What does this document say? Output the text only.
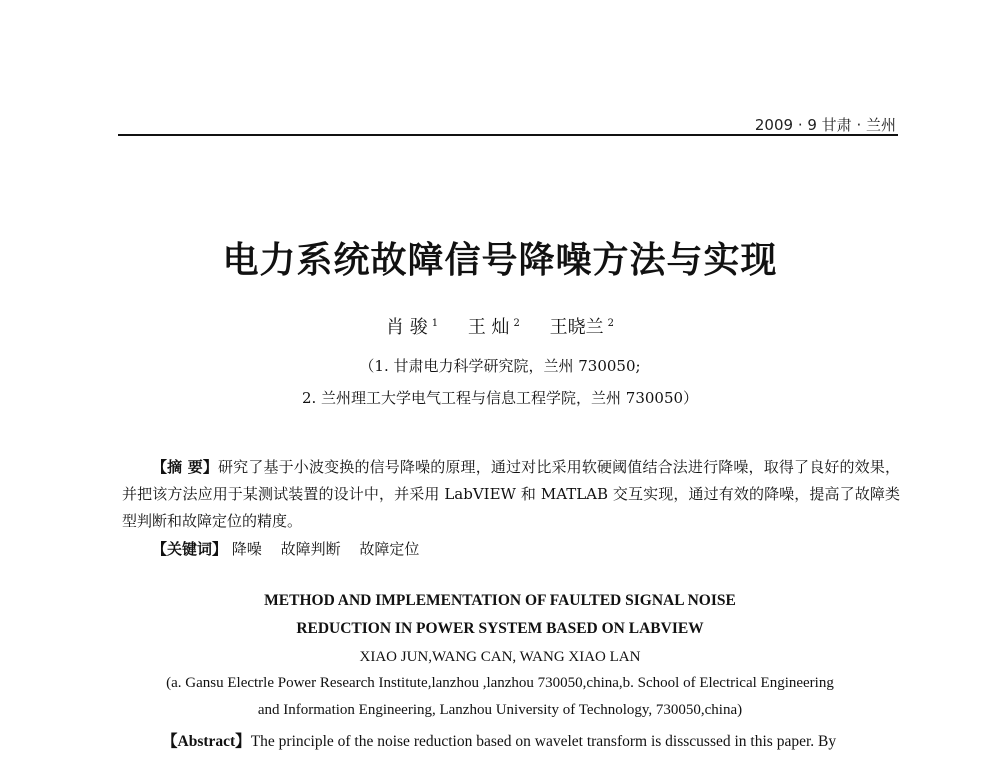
2009 · 9 甘肃 · 兰州
电力系统故障信号降噪方法与实现
肖 骏 $^1$ 王 灿 $^2$ 王晓兰 $^2$
（1. 甘肃电力科学研究院，兰州 730050;
2. 兰州理工大学电气工程与信息工程学院，兰州 730050）
【摘 要】研究了基于小波变换的信号降噪的原理，通过对比采用软硬阈值结合法进行降噪，取得了良好的效果，并把该方法应用于某测试装置的设计中，并采用 LabVIEW 和 MATLAB 交互实现，通过有效的降噪，提高了故障类型判断和故障定位的精度。
【关键词】 降噪 故障判断 故障定位
METHOD AND IMPLEMENTATION OF FAULTED SIGNAL NOISE
REDUCTION IN POWER SYSTEM BASED ON LABVIEW
XIAO JUN,WANG CAN, WANG XIAO LAN
(a. Gansu Electrle Power Research Institute,lanzhou ,lanzhou 730050,china,b. School of Electrical Engineering
and Information Engineering, Lanzhou University of Technology, 730050,china)
【Abstract】The principle of the noise reduction based on wavelet transform is disscussed in this paper. By
